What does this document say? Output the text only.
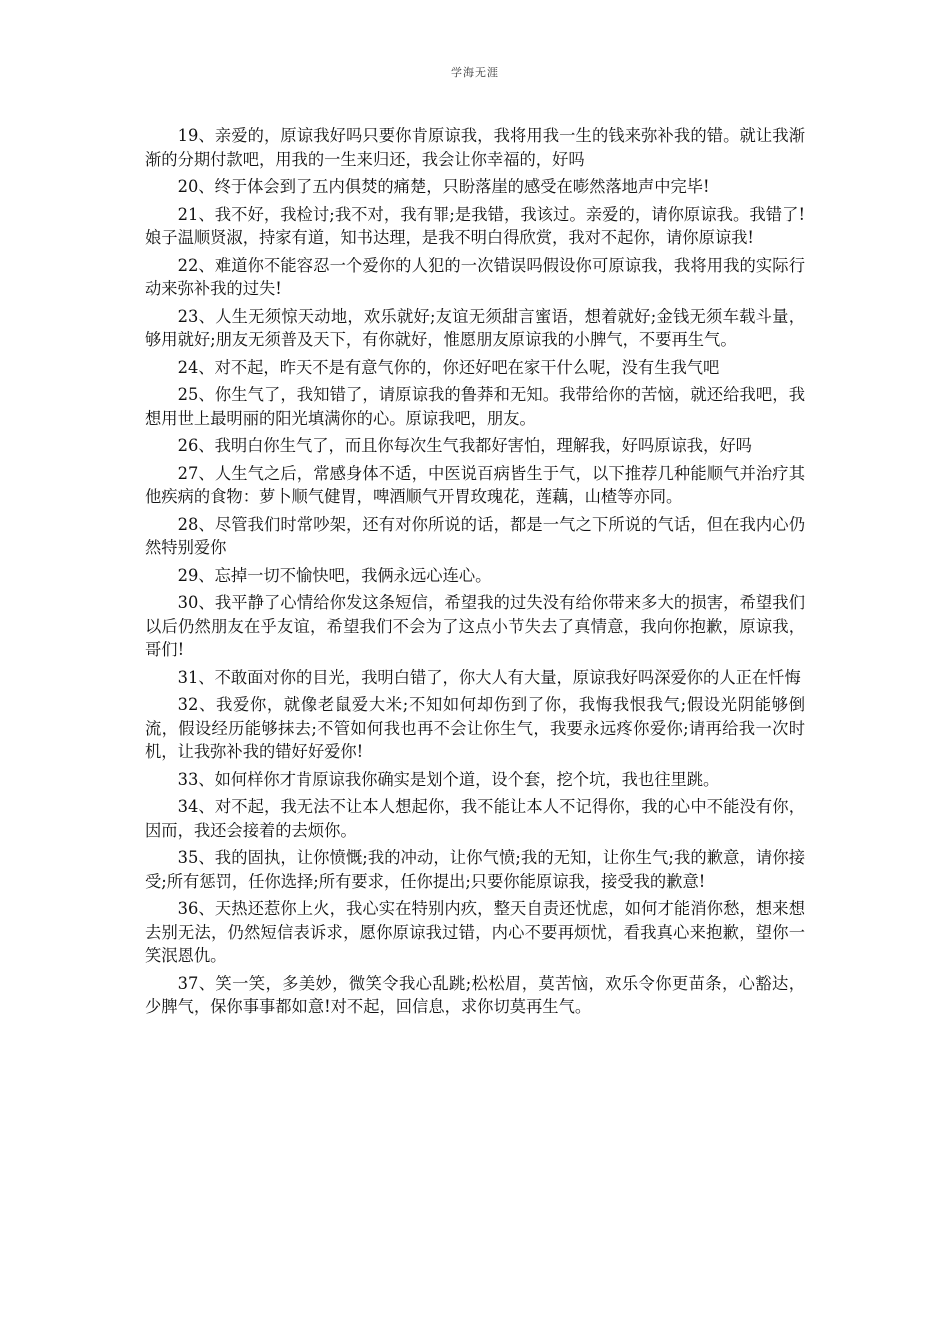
学海无涯

19、亲爱的，原谅我好吗只要你肯原谅我，我将用我一生的钱来弥补我的错。就让我渐渐的分期付款吧，用我的一生来归还，我会让你幸福的，好吗

20、终于体会到了五内俱焚的痛楚，只盼落崖的感受在嘭然落地声中完毕!

21、我不好，我检讨;我不对，我有罪;是我错，我该过。亲爱的，请你原谅我。我错了!娘子温顺贤淑，持家有道，知书达理，是我不明白得欣赏，我对不起你，请你原谅我!

22、难道你不能容忍一个爱你的人犯的一次错误吗假设你可原谅我，我将用我的实际行动来弥补我的过失!

23、人生无须惊天动地，欢乐就好;友谊无须甜言蜜语，想着就好;金钱无须车载斗量，够用就好;朋友无须普及天下，有你就好，惟愿朋友原谅我的小脾气，不要再生气。

24、对不起，昨天不是有意气你的，你还好吧在家干什么呢，没有生我气吧

25、你生气了，我知错了，请原谅我的鲁莽和无知。我带给你的苦恼，就还给我吧，我想用世上最明丽的阳光填满你的心。原谅我吧，朋友。

26、我明白你生气了，而且你每次生气我都好害怕，理解我，好吗原谅我，好吗

27、人生气之后，常感身体不适，中医说百病皆生于气，以下推荐几种能顺气并治疗其他疾病的食物：萝卜顺气健胃，啤酒顺气开胃玫瑰花，莲藕，山楂等亦同。

28、尽管我们时常吵架，还有对你所说的话，都是一气之下所说的气话，但在我内心仍然特别爱你

29、忘掉一切不愉快吧，我俩永远心连心。

30、我平静了心情给你发这条短信，希望我的过失没有给你带来多大的损害，希望我们以后仍然朋友在乎友谊，希望我们不会为了这点小节失去了真情意，我向你抱歉，原谅我，哥们!

31、不敢面对你的目光，我明白错了，你大人有大量，原谅我好吗深爱你的人正在忏悔

32、我爱你，就像老鼠爱大米;不知如何却伤到了你，我悔我恨我气;假设光阴能够倒流，假设经历能够抹去;不管如何我也再不会让你生气，我要永远疼你爱你;请再给我一次时机，让我弥补我的错好好爱你!

33、如何样你才肯原谅我你确实是划个道，设个套，挖个坑，我也往里跳。

34、对不起，我无法不让本人想起你，我不能让本人不记得你，我的心中不能没有你，因而，我还会接着的去烦你。

35、我的固执，让你愤慨;我的冲动，让你气愤;我的无知，让你生气;我的歉意，请你接受;所有惩罚，任你选择;所有要求，任你提出;只要你能原谅我，接受我的歉意!

36、天热还惹你上火，我心实在特别内疚，整天自责还忧虑，如何才能消你愁，想来想去别无法，仍然短信表诉求，愿你原谅我过错，内心不要再烦忧，看我真心来抱歉，望你一笑泯恩仇。

37、笑一笑，多美妙，微笑令我心乱跳;松松眉，莫苦恼，欢乐令你更苗条，心豁达，少脾气，保你事事都如意!对不起，回信息，求你切莫再生气。
